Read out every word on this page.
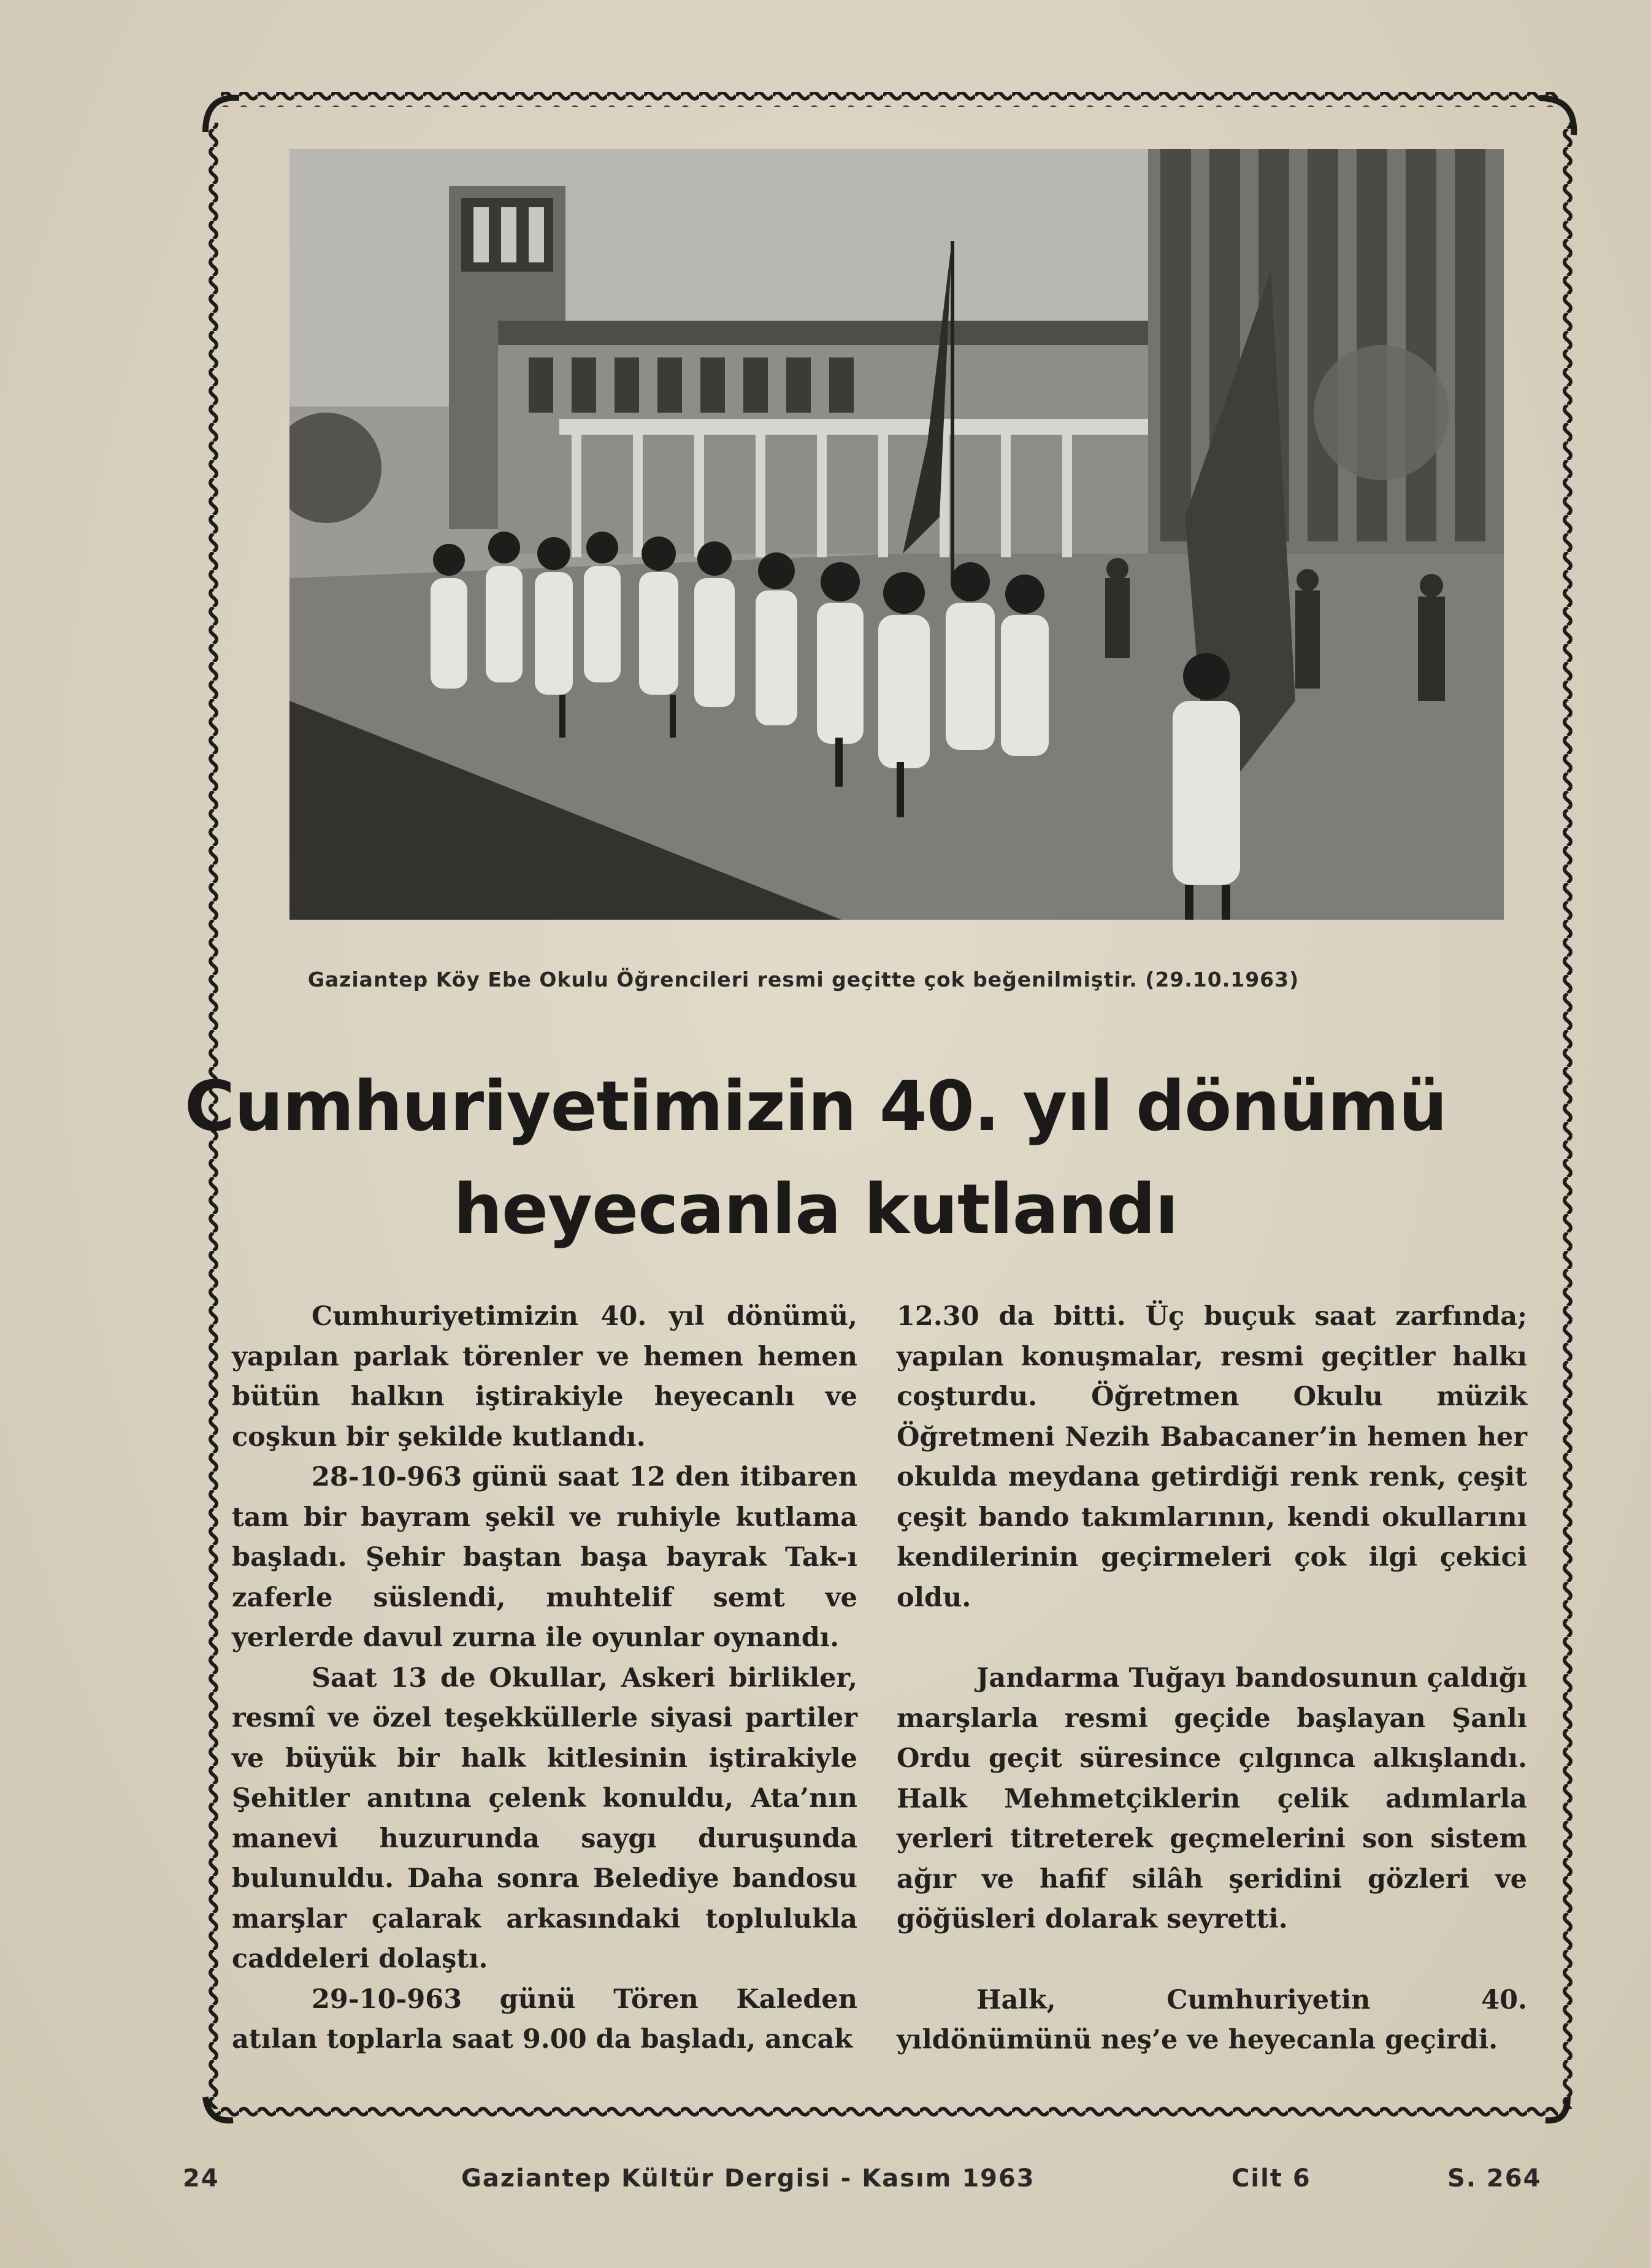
Gaziantep Köy Ebe Okulu Öğrencileri resmi geçitte çok beğenilmiştir. (29.10.1963)
Cumhuriyetimizin 40. yıl dönümü
heyecanla kutlandı

Cumhuriyetimizin 40. yıl dönümü, yapılan parlak törenler ve hemen hemen bütün halkın iştirakiyle heyecanlı ve coşkun bir şekilde kutlandı.

28-10-963 günü saat 12 den itibaren tam bir bayram şekil ve ruhiyle kutlama başladı. Şehir baştan başa bayrak Tak-ı zaferle süslendi, muhtelif semt ve yerlerde davul zurna ile oyunlar oynandı.

Saat 13 de Okullar, Askeri birlikler, resmî ve özel teşekküllerle siyasi partiler ve büyük bir halk kitlesinin iştirakiyle Şehitler anıtına çelenk konuldu, Ata’nın manevi huzurunda saygı duruşunda bulunuldu. Daha sonra Belediye bandosu marşlar çalarak arkasındaki toplulukla caddeleri dolaştı.

29-10-963 günü Tören Kaleden atılan toplarla saat 9.00 da başladı, ancak

12.30 da bitti. Üç buçuk saat zarfında; yapılan konuşmalar, resmi geçitler halkı coşturdu. Öğretmen Okulu müzik Öğretmeni Nezih Babacaner’in hemen her okulda meydana getirdiği renk renk, çeşit çeşit bando takımlarının, kendi okullarını kendilerinin geçirmeleri çok ilgi çekici oldu.

Jandarma Tuğayı bandosunun çaldığı marşlarla resmi geçide başlayan Şanlı Ordu geçit süresince çılgınca alkışlandı. Halk Mehmetçiklerin çelik adımlarla yerleri titreterek geçmelerini son sistem ağır ve hafif silâh şeridini gözleri ve göğüsleri dolarak seyretti.

Halk, Cumhuriyetin 40. yıldönümünü neş’e ve heyecanla geçirdi.

24	Gaziantep Kültür Dergisi - Kasım 1963	Cilt 6	S. 264
